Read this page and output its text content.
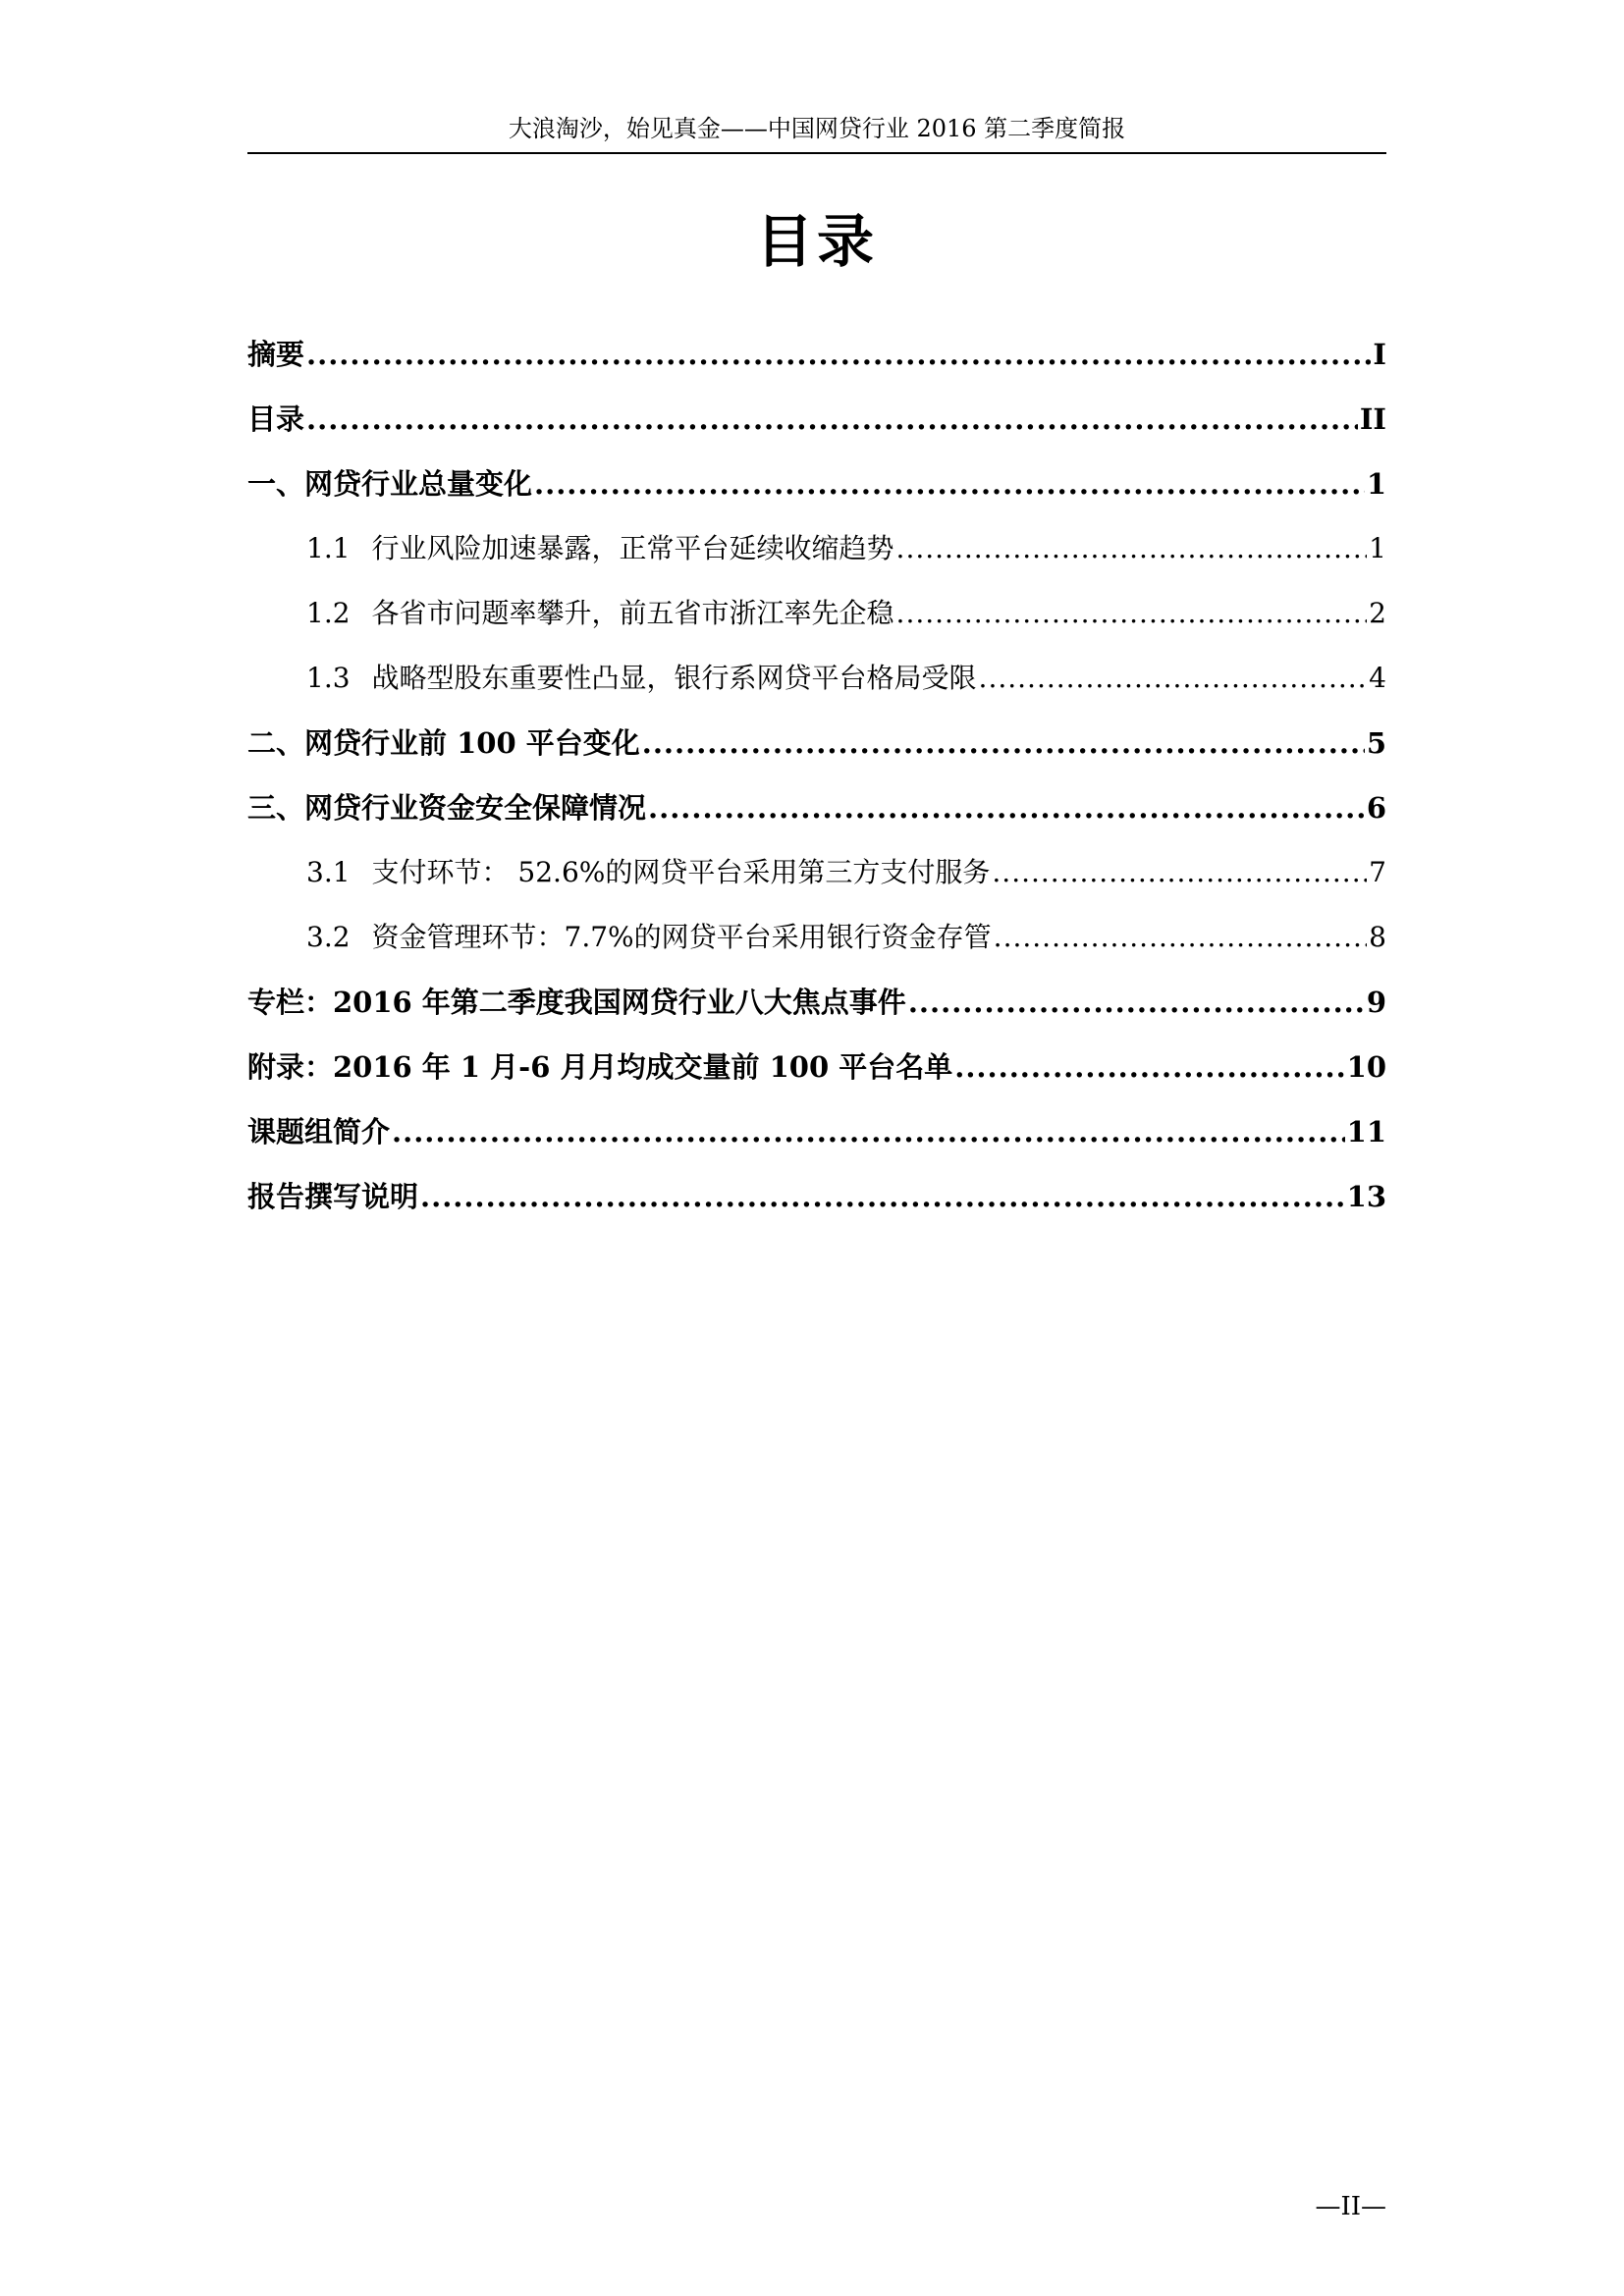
大浪淘沙，始见真金——中国网贷行业 2016 第二季度简报
目录
摘要 .....	I
目录 .....	II
一、网贷行业总量变化 .....	1
1.1 行业风险加速暴露，正常平台延续收缩趋势 .....	1
1.2 各省市问题率攀升，前五省市浙江率先企稳 .....	2
1.3 战略型股东重要性凸显，银行系网贷平台格局受限 .....	4
二、网贷行业前 100 平台变化 .....	5
三、网贷行业资金安全保障情况 .....	6
3.1 支付环节： 52.6%的网贷平台采用第三方支付服务 .....	7
3.2 资金管理环节：7.7%的网贷平台采用银行资金存管 .....	8
专栏：2016 年第二季度我国网贷行业八大焦点事件 .....	9
附录：2016 年 1 月-6 月月均成交量前 100 平台名单 .....	10
课题组简介 .....	11
报告撰写说明 .....	13
—II—
